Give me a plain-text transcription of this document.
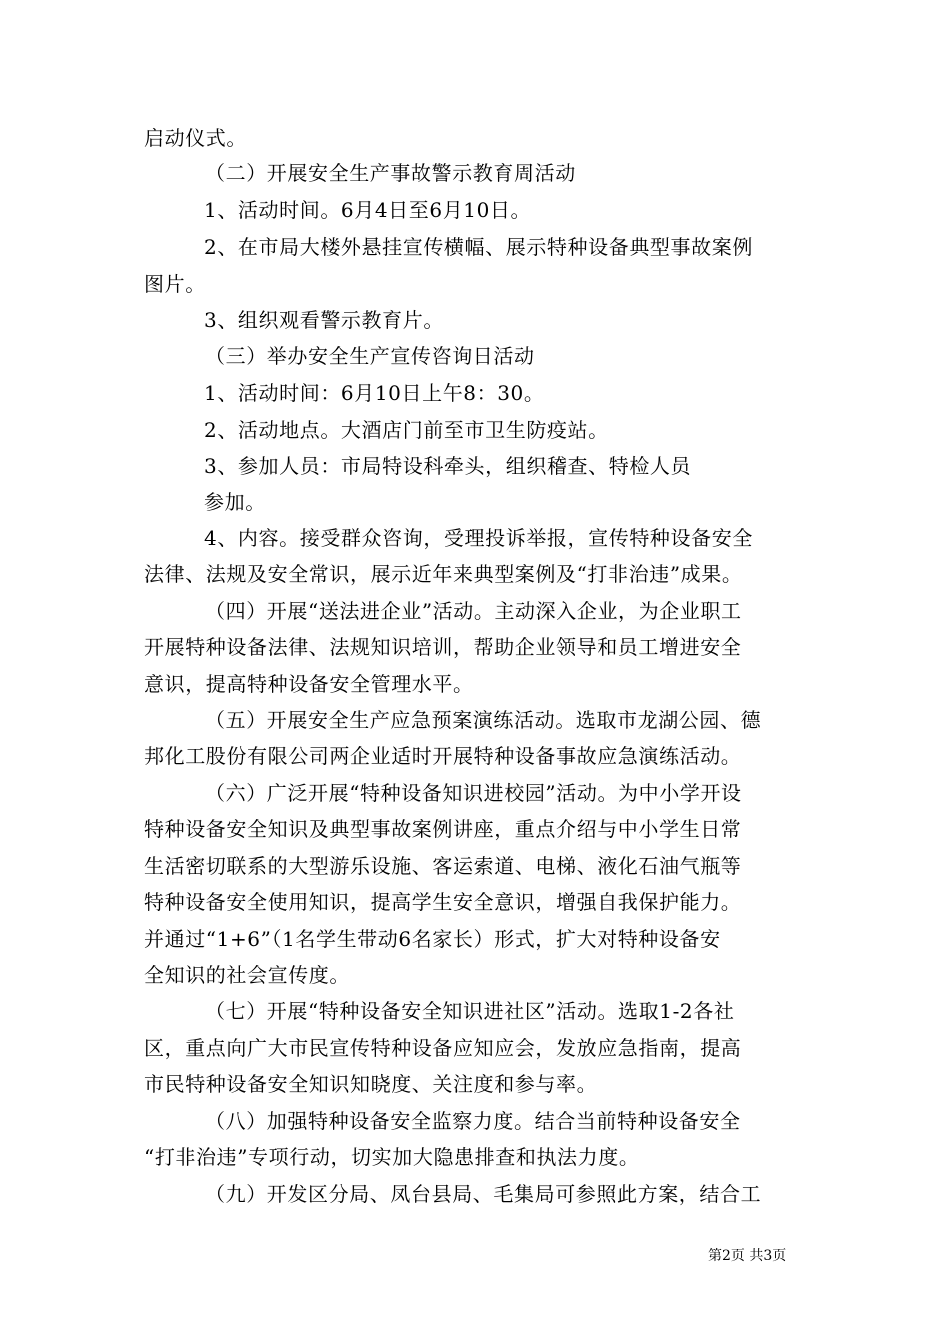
启动仪式。
（二）开展安全生产事故警示教育周活动
1、活动时间。6月4日至6月10日。
2、在市局大楼外悬挂宣传横幅、展示特种设备典型事故案例
图片。
3、组织观看警示教育片。
（三）举办安全生产宣传咨询日活动
1、活动时间：6月10日上午8：30。
2、活动地点。大酒店门前至市卫生防疫站。
3、参加人员：市局特设科牵头，组织稽查、特检人员
参加。
4、内容。接受群众咨询，受理投诉举报，宣传特种设备安全
法律、法规及安全常识，展示近年来典型案例及“打非治违”成果。
（四）开展“送法进企业”活动。主动深入企业，为企业职工
开展特种设备法律、法规知识培训，帮助企业领导和员工增进安全
意识，提高特种设备安全管理水平。
（五）开展安全生产应急预案演练活动。选取市龙湖公园、德
邦化工股份有限公司两企业适时开展特种设备事故应急演练活动。
（六）广泛开展“特种设备知识进校园”活动。为中小学开设
特种设备安全知识及典型事故案例讲座，重点介绍与中小学生日常
生活密切联系的大型游乐设施、客运索道、电梯、液化石油气瓶等
特种设备安全使用知识，提高学生安全意识，增强自我保护能力。
并通过“1+6”（1名学生带动6名家长）形式，扩大对特种设备安
全知识的社会宣传度。
（七）开展“特种设备安全知识进社区”活动。选取1-2各社
区，重点向广大市民宣传特种设备应知应会，发放应急指南，提高
市民特种设备安全知识知晓度、关注度和参与率。
（八）加强特种设备安全监察力度。结合当前特种设备安全
“打非治违”专项行动，切实加大隐患排查和执法力度。
（九）开发区分局、凤台县局、毛集局可参照此方案，结合工
第2页 共3页
